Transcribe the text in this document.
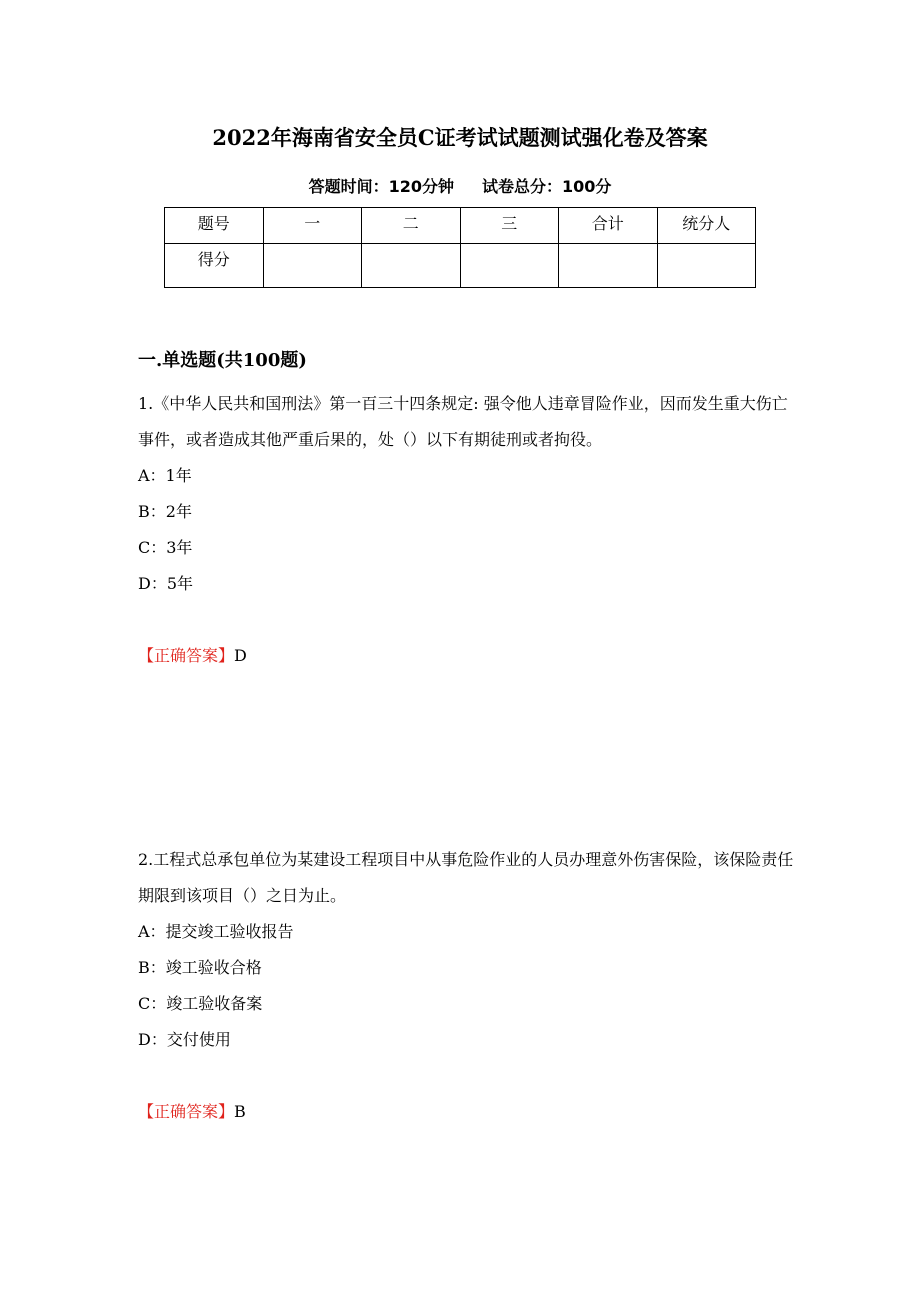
2022年海南省安全员C证考试试题测试强化卷及答案
答题时间：120分钟 试卷总分：100分
题号	一	二	三	合计	统分人
得分					
一.单选题(共100题)
1.《中华人民共和国刑法》第一百三十四条规定: 强令他人违章冒险作业，因而发生重大伤亡事件，或者造成其他严重后果的，处（）以下有期徒刑或者拘役。
A：1年
B：2年
C：3年
D：5年
【正确答案】D
2.工程式总承包单位为某建设工程项目中从事危险作业的人员办理意外伤害保险，该保险责任期限到该项目（）之日为止。
A：提交竣工验收报告
B：竣工验收合格
C：竣工验收备案
D：交付使用
【正确答案】B
